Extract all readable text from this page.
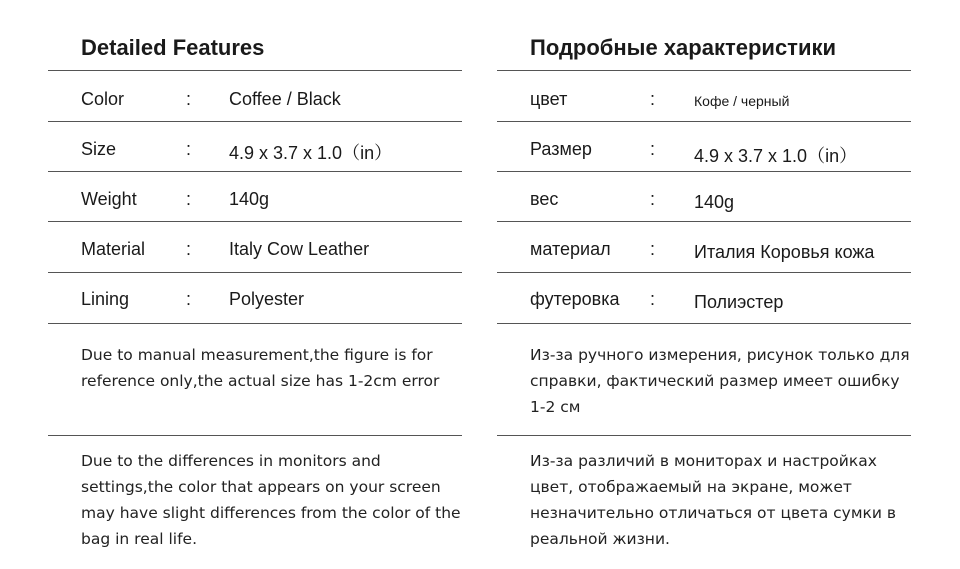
Detailed Features
Color	: Coffee / Black
Size	: 4.9 x 3.7 x 1.0（in）
Weight	: 140g
Material : Italy Cow Leather
Lining	: Polyester
Due to manual measurement,the figure is for reference only,the actual size has 1-2cm error
Due to the differences in monitors and settings,the color that appears on your screen may have slight differences from the color of the bag in real life.
Подробные характеристики
цвет	:	Кофе / черный
Размер	: 4.9 x 3.7 x 1.0（in）
вес	: 140g
материал : Италия Коровья кожа
футеровка : Полиэстер
Из-за ручного измерения, рисунок только для справки, фактический размер имеет ошибку 1-2 см
Из-за различий в мониторах и настройках цвет, отображаемый на экране, может незначительно отличаться от цвета сумки в реальной жизни.
